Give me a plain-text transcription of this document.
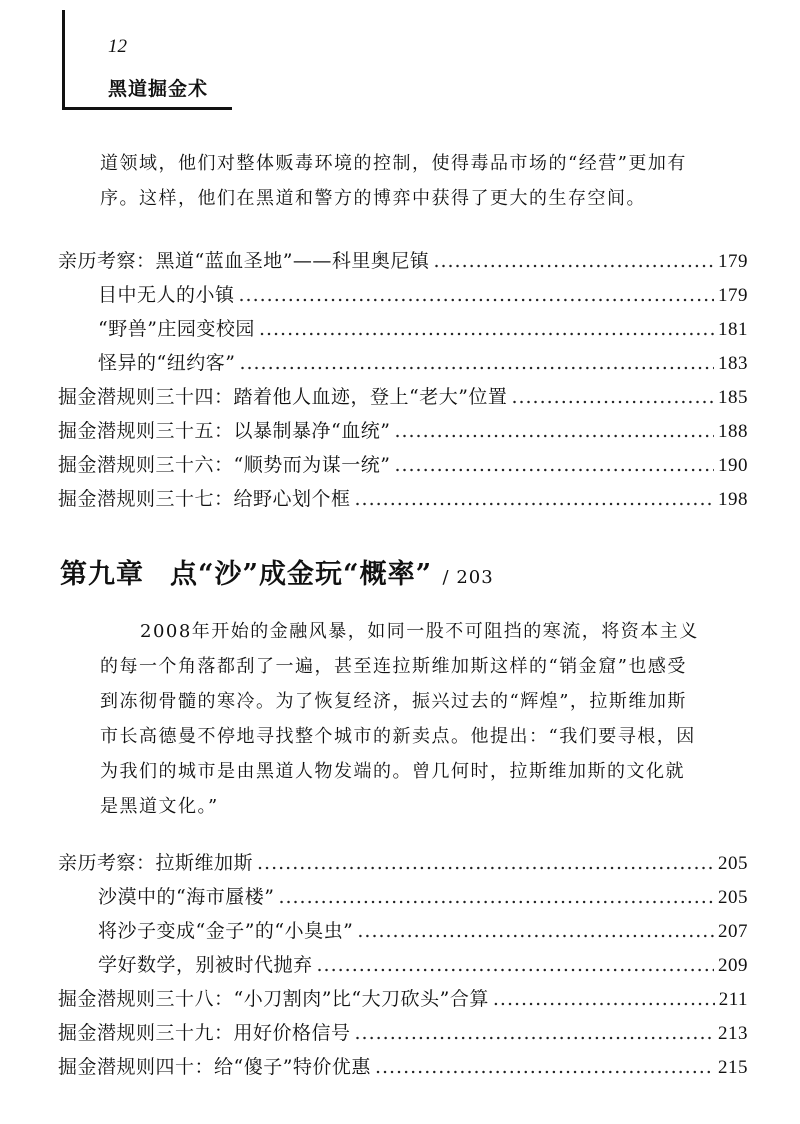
12
黑道掘金术

道领域，他们对整体贩毒环境的控制，使得毒品市场的“经营”更加有序。这样，他们在黑道和警方的博弈中获得了更大的生存空间。

亲历考察：黑道“蓝血圣地”——科里奥尼镇 .....	179
目中无人的小镇 .....	179
“野兽”庄园变校园 .....	181
怪异的“纽约客” .....	183
掘金潜规则三十四：踏着他人血迹，登上“老大”位置 .....	185
掘金潜规则三十五：以暴制暴净“血统” .....	188
掘金潜规则三十六：“顺势而为谋一统” .....	190
掘金潜规则三十七：给野心划个框 .....	198
第九章 点“沙”成金玩“概率” / 203

2008年开始的金融风暴，如同一股不可阻挡的寒流，将资本主义的每一个角落都刮了一遍，甚至连拉斯维加斯这样的“销金窟”也感受到冻彻骨髓的寒冷。为了恢复经济，振兴过去的“辉煌”，拉斯维加斯市长高德曼不停地寻找整个城市的新卖点。他提出：“我们要寻根，因为我们的城市是由黑道人物发端的。曾几何时，拉斯维加斯的文化就是黑道文化。”

亲历考察：拉斯维加斯 .....	205
沙漠中的“海市蜃楼” .....	205
将沙子变成“金子”的“小臭虫” .....	207
学好数学，别被时代抛弃 .....	209
掘金潜规则三十八：“小刀割肉”比“大刀砍头”合算 .....	211
掘金潜规则三十九：用好价格信号 .....	213
掘金潜规则四十：给“傻子”特价优惠 .....	215
